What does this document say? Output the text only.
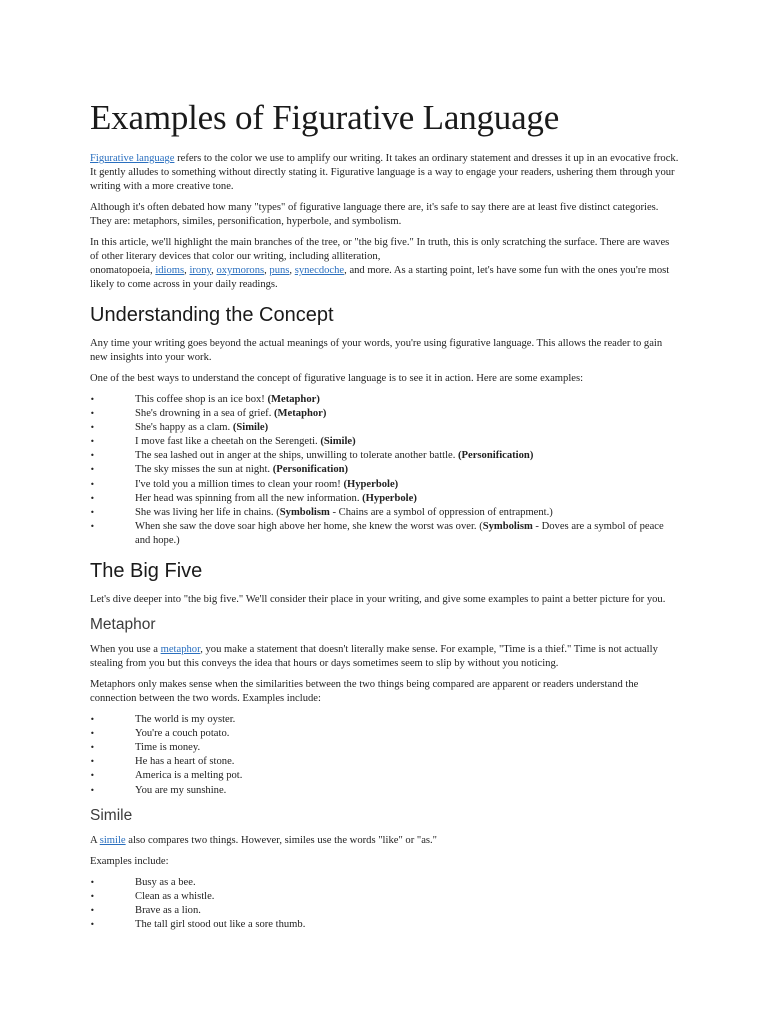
Examples of Figurative Language

Figurative language refers to the color we use to amplify our writing. It takes an ordinary statement and dresses it up in an evocative frock. It gently alludes to something without directly stating it. Figurative language is a way to engage your readers, ushering them through your writing with a more creative tone.

Although it's often debated how many "types" of figurative language there are, it's safe to say there are at least five distinct categories. They are: metaphors, similes, personification, hyperbole, and symbolism.

In this article, we'll highlight the main branches of the tree, or "the big five." In truth, this is only scratching the surface. There are waves of other literary devices that color our writing, including alliteration,
onomatopoeia, idioms, irony, oxymorons, puns, synecdoche, and more. As a starting point, let's have some fun with the ones you're most likely to come across in your daily readings.

Understanding the Concept

Any time your writing goes beyond the actual meanings of your words, you're using figurative language. This allows the reader to gain new insights into your work.

One of the best ways to understand the concept of figurative language is to see it in action. Here are some examples:

•	This coffee shop is an ice box! (Metaphor)
•	She's drowning in a sea of grief. (Metaphor)
•	She's happy as a clam. (Simile)
•	I move fast like a cheetah on the Serengeti. (Simile)
•	The sea lashed out in anger at the ships, unwilling to tolerate another battle. (Personification)
•	The sky misses the sun at night. (Personification)
•	I've told you a million times to clean your room! (Hyperbole)
•	Her head was spinning from all the new information. (Hyperbole)
•	She was living her life in chains. (Symbolism - Chains are a symbol of oppression of entrapment.)
•	When she saw the dove soar high above her home, she knew the worst was over. (Symbolism - Doves are a symbol of peace and hope.)
The Big Five

Let's dive deeper into "the big five." We'll consider their place in your writing, and give some examples to paint a better picture for you.

Metaphor

When you use a metaphor, you make a statement that doesn't literally make sense. For example, "Time is a thief." Time is not actually stealing from you but this conveys the idea that hours or days sometimes seem to slip by without you noticing.

Metaphors only makes sense when the similarities between the two things being compared are apparent or readers understand the connection between the two words. Examples include:

•	The world is my oyster.
•	You're a couch potato.
•	Time is money.
•	He has a heart of stone.
•	America is a melting pot.
•	You are my sunshine.
Simile

A simile also compares two things. However, similes use the words "like" or "as."

Examples include:

•	Busy as a bee.
•	Clean as a whistle.
•	Brave as a lion.
•	The tall girl stood out like a sore thumb.
